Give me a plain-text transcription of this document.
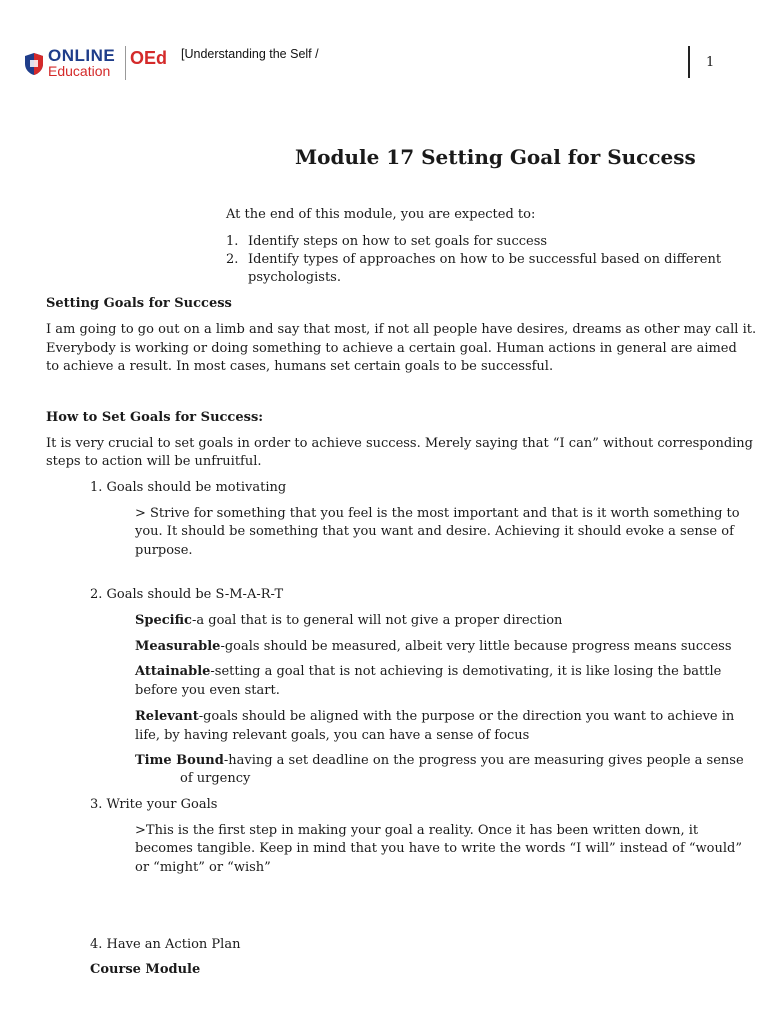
ONLINE
Education
OEd [Understanding the Self /
1
Module 17 Setting Goal for Success
At the end of this module, you are expected to:
1. Identify steps on how to set goals for success
2. Identify types of approaches on how to be successful based on different
psychologists.
Setting Goals for Success
I am going to go out on a limb and say that most, if not all people have desires, dreams as other may call it.
Everybody is working or doing something to achieve a certain goal. Human actions in general are aimed
to achieve a result. In most cases, humans set certain goals to be successful.
How to Set Goals for Success:
It is very crucial to set goals in order to achieve success. Merely saying that “I can” without corresponding
steps to action will be unfruitful.
1. Goals should be motivating
> Strive for something that you feel is the most important and that is it worth something to
you. It should be something that you want and desire. Achieving it should evoke a sense of
purpose.
2. Goals should be S-M-A-R-T
Specific-a goal that is to general will not give a proper direction
Measurable-goals should be measured, albeit very little because progress means success
Attainable-setting a goal that is not achieving is demotivating, it is like losing the battle
before you even start.
Relevant-goals should be aligned with the purpose or the direction you want to achieve in
life, by having relevant goals, you can have a sense of focus
Time Bound-having a set deadline on the progress you are measuring gives people a sense
of urgency
3. Write your Goals
>This is the first step in making your goal a reality. Once it has been written down, it
becomes tangible. Keep in mind that you have to write the words “I will” instead of “would”
or “might” or “wish”
4. Have an Action Plan
Course Module
